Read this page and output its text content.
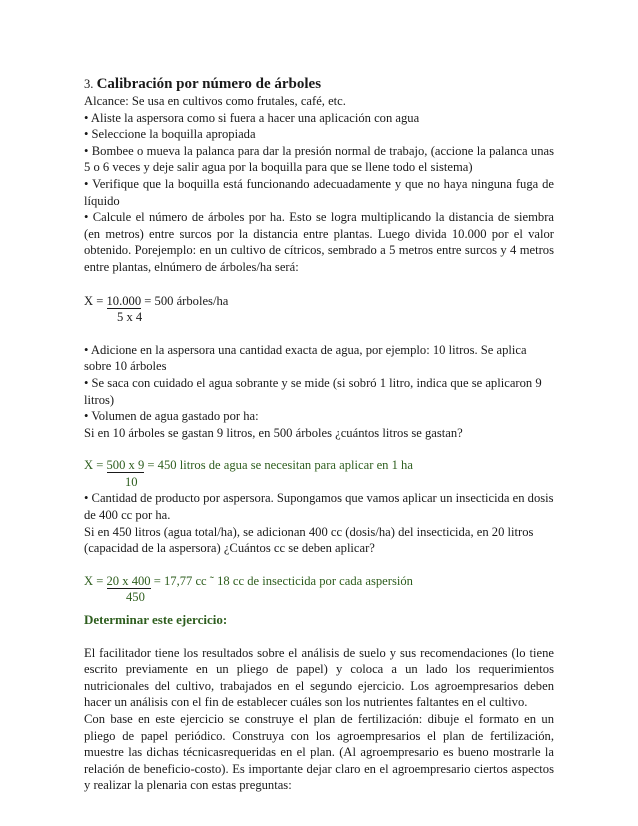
3. Calibración por número de árboles

Alcance: Se usa en cultivos como frutales, café, etc.

• Aliste la aspersora como si fuera a hacer una aplicación con agua

• Seleccione la boquilla apropiada

• Bombee o mueva la palanca para dar la presión normal de trabajo, (accione la palanca unas 5 o 6 veces y deje salir agua por la boquilla para que se llene todo el sistema)

• Verifique que la boquilla está funcionando adecuadamente y que no haya ninguna fuga de líquido

• Calcule el número de árboles por ha. Esto se logra multiplicando la distancia de siembra (en metros) entre surcos por la distancia entre plantas. Luego divida 10.000 por el valor obtenido. Porejemplo: en un cultivo de cítricos, sembrado a 5 metros entre surcos y 4 metros entre plantas, elnúmero de árboles/ha será:

X = 10.000 = 500 árboles/ha

5 x 4

• Adicione en la aspersora una cantidad exacta de agua, por ejemplo: 10 litros. Se aplica sobre 10 árboles

• Se saca con cuidado el agua sobrante y se mide (si sobró 1 litro, indica que se aplicaron 9 litros)

• Volumen de agua gastado por ha:

Si en 10 árboles se gastan 9 litros, en 500 árboles ¿cuántos litros se gastan?

X = 500 x 9 = 450 litros de agua se necesitan para aplicar en 1 ha

10

• Cantidad de producto por aspersora. Supongamos que vamos aplicar un insecticida en dosis de 400 cc por ha.

Si en 450 litros (agua total/ha), se adicionan 400 cc (dosis/ha) del insecticida, en 20 litros (capacidad de la aspersora) ¿Cuántos cc se deben aplicar?

X = 20 x 400 = 17,77 cc ˜ 18 cc de insecticida por cada aspersión

450

Determinar este ejercicio:

El facilitador tiene los resultados sobre el análisis de suelo y sus recomendaciones (lo tiene escrito previamente en un pliego de papel) y coloca a un lado los requerimientos nutricionales del cultivo, trabajados en el segundo ejercicio. Los agroempresarios deben hacer un análisis con el fin de establecer cuáles son los nutrientes faltantes en el cultivo.

Con base en este ejercicio se construye el plan de fertilización: dibuje el formato en un pliego de papel periódico. Construya con los agroempresarios el plan de fertilización, muestre las dichas técnicasrequeridas en el plan. (Al agroempresario es bueno mostrarle la relación de beneficio-costo). Es importante dejar claro en el agroempresario ciertos aspectos y realizar la plenaria con estas preguntas:
